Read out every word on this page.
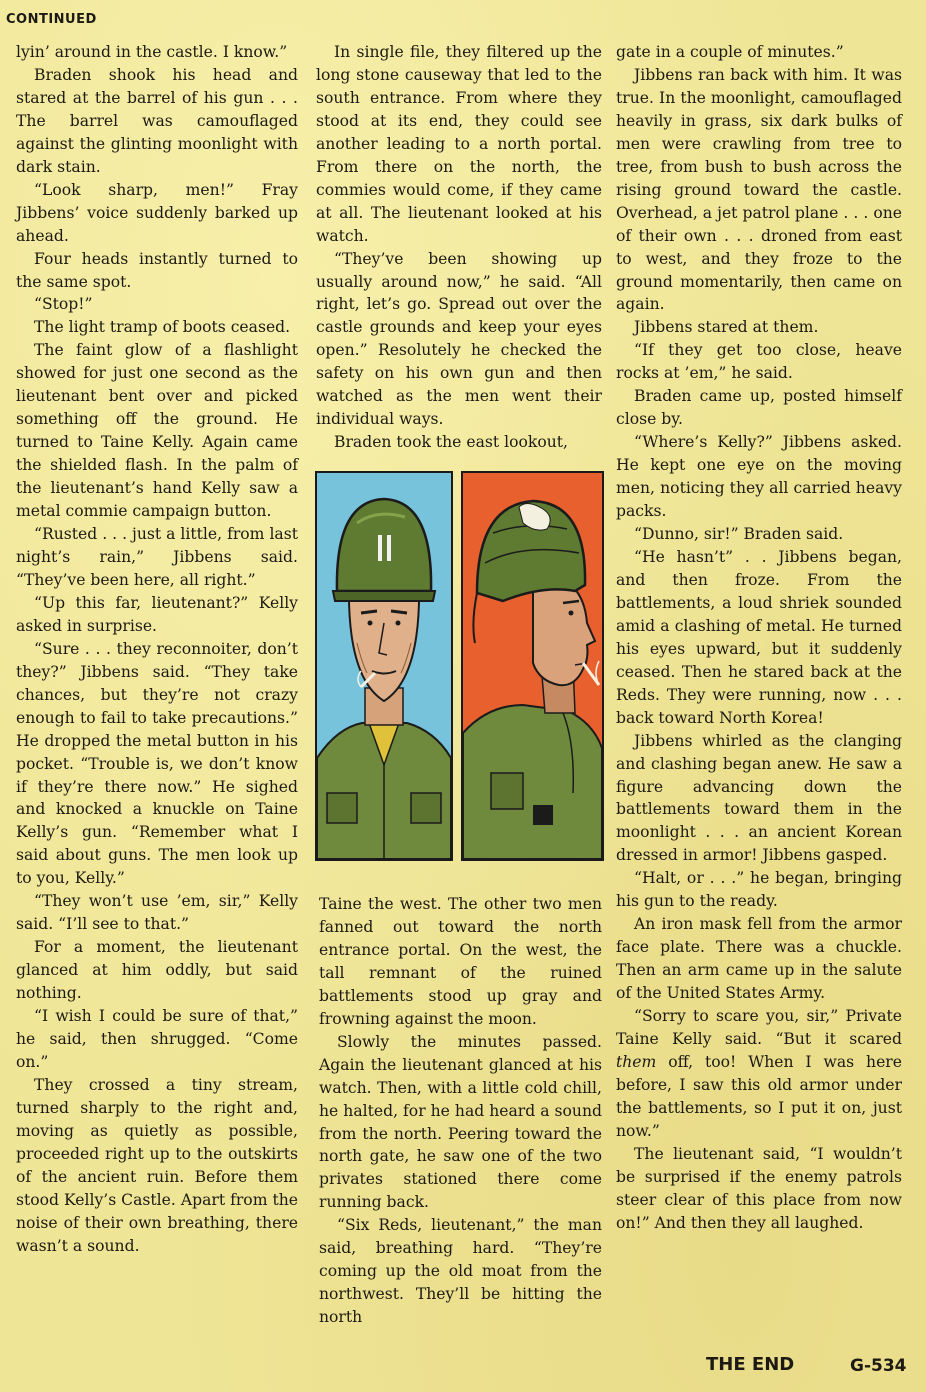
CONTINUED

lyin’ around in the castle. I know.”

Braden shook his head and stared at the barrel of his gun . . . The barrel was camouflaged against the glinting moonlight with dark stain.

“Look sharp, men!” Fray Jibbens’ voice suddenly barked up ahead.

Four heads instantly turned to the same spot.

“Stop!”

The light tramp of boots ceased.

The faint glow of a flashlight showed for just one second as the lieutenant bent over and picked something off the ground. He turned to Taine Kelly. Again came the shielded flash. In the palm of the lieutenant’s hand Kelly saw a metal commie campaign button.

“Rusted . . . just a little, from last night’s rain,” Jibbens said. “They’ve been here, all right.”

“Up this far, lieutenant?” Kelly asked in surprise.

“Sure . . . they reconnoiter, don’t they?” Jibbens said. “They take chances, but they’re not crazy enough to fail to take precautions.” He dropped the metal button in his pocket. “Trouble is, we don’t know if they’re there now.” He sighed and knocked a knuckle on Taine Kelly’s gun. “Remember what I said about guns. The men look up to you, Kelly.”

“They won’t use ’em, sir,” Kelly said. “I’ll see to that.”

For a moment, the lieutenant glanced at him oddly, but said nothing.

“I wish I could be sure of that,” he said, then shrugged. “Come on.”

They crossed a tiny stream, turned sharply to the right and, moving as quietly as possible, proceeded right up to the outskirts of the ancient ruin. Before them stood Kelly’s Castle. Apart from the noise of their own breathing, there wasn’t a sound.

In single file, they filtered up the long stone causeway that led to the south entrance. From where they stood at its end, they could see another leading to a north portal. From there on the north, the commies would come, if they came at all. The lieutenant looked at his watch.

“They’ve been showing up usually around now,” he said. “All right, let’s go. Spread out over the castle grounds and keep your eyes open.” Resolutely he checked the safety on his own gun and then watched as the men went their individual ways.

Braden took the east lookout,

Taine the west. The other two men fanned out toward the north entrance portal. On the west, the tall remnant of the ruined battlements stood up gray and frowning against the moon.

Slowly the minutes passed. Again the lieutenant glanced at his watch. Then, with a little cold chill, he halted, for he had heard a sound from the north. Peering toward the north gate, he saw one of the two privates stationed there come running back.

“Six Reds, lieutenant,” the man said, breathing hard. “They’re coming up the old moat from the northwest. They’ll be hitting the north

gate in a couple of minutes.”

Jibbens ran back with him. It was true. In the moonlight, camouflaged heavily in grass, six dark bulks of men were crawling from tree to tree, from bush to bush across the rising ground toward the castle. Overhead, a jet patrol plane . . . one of their own . . . droned from east to west, and they froze to the ground momentarily, then came on again.

Jibbens stared at them.

“If they get too close, heave rocks at ’em,” he said.

Braden came up, posted himself close by.

“Where’s Kelly?” Jibbens asked. He kept one eye on the moving men, noticing they all carried heavy packs.

“Dunno, sir!” Braden said.

“He hasn’t” . . Jibbens began, and then froze. From the battlements, a loud shriek sounded amid a clashing of metal. He turned his eyes upward, but it suddenly ceased. Then he stared back at the Reds. They were running, now . . . back toward North Korea!

Jibbens whirled as the clanging and clashing began anew. He saw a figure advancing down the battlements toward them in the moonlight . . . an ancient Korean dressed in armor! Jibbens gasped.

“Halt, or . . .” he began, bringing his gun to the ready.

An iron mask fell from the armor face plate. There was a chuckle. Then an arm came up in the salute of the United States Army.

“Sorry to scare you, sir,” Private Taine Kelly said. “But it scared them off, too! When I was here before, I saw this old armor under the battlements, so I put it on, just now.”

The lieutenant said, “I wouldn’t be surprised if the enemy patrols steer clear of this place from now on!” And then they all laughed.

THE END	G-534
